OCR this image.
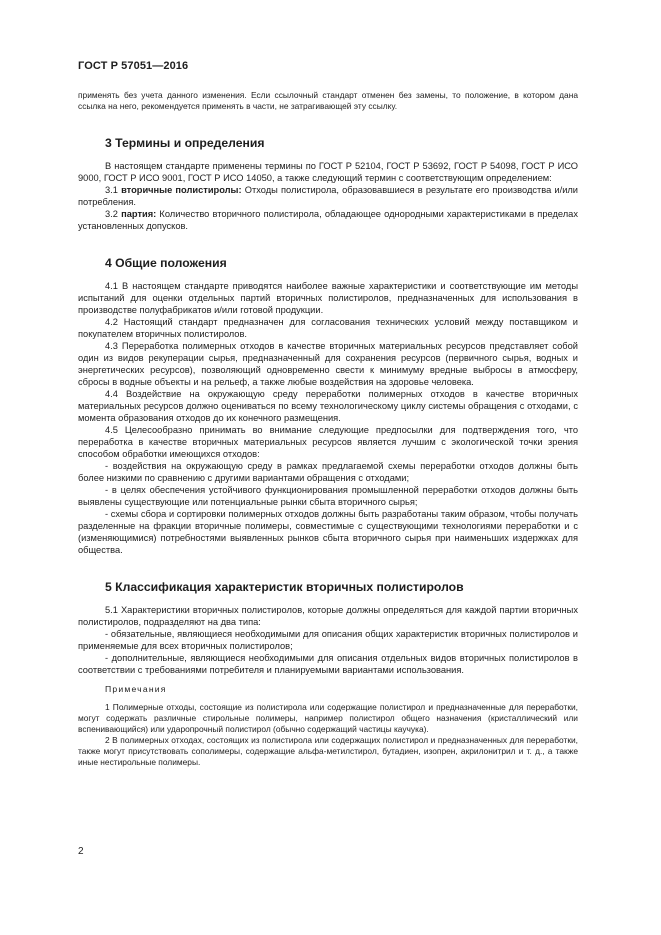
ГОСТ Р 57051—2016

применять без учета данного изменения. Если ссылочный стандарт отменен без замены, то положение, в котором дана ссылка на него, рекомендуется применять в части, не затрагивающей эту ссылку.

3 Термины и определения

В настоящем стандарте применены термины по ГОСТ Р 52104, ГОСТ Р 53692, ГОСТ Р 54098, ГОСТ Р ИСО 9000, ГОСТ Р ИСО 9001, ГОСТ Р ИСО 14050, а также следующий термин с соответствующим определением:

3.1 вторичные полистиролы: Отходы полистирола, образовавшиеся в результате его производства и/или потребления.

3.2 партия: Количество вторичного полистирола, обладающее однородными характеристиками в пределах установленных допусков.

4 Общие положения

4.1 В настоящем стандарте приводятся наиболее важные характеристики и соответствующие им методы испытаний для оценки отдельных партий вторичных полистиролов, предназначенных для использования в производстве полуфабрикатов и/или готовой продукции.

4.2 Настоящий стандарт предназначен для согласования технических условий между поставщиком и покупателем вторичных полистиролов.

4.3 Переработка полимерных отходов в качестве вторичных материальных ресурсов представляет собой один из видов рекуперации сырья, предназначенный для сохранения ресурсов (первичного сырья, водных и энергетических ресурсов), позволяющий одновременно свести к минимуму вредные выбросы в атмосферу, сбросы в водные объекты и на рельеф, а также любые воздействия на здоровье человека.

4.4 Воздействие на окружающую среду переработки полимерных отходов в качестве вторичных материальных ресурсов должно оцениваться по всему технологическому циклу системы обращения с отходами, с момента образования отходов до их конечного размещения.

4.5 Целесообразно принимать во внимание следующие предпосылки для подтверждения того, что переработка в качестве вторичных материальных ресурсов является лучшим с экологической точки зрения способом обработки имеющихся отходов:

- воздействия на окружающую среду в рамках предлагаемой схемы переработки отходов должны быть более низкими по сравнению с другими вариантами обращения с отходами;

- в целях обеспечения устойчивого функционирования промышленной переработки отходов должны быть выявлены существующие или потенциальные рынки сбыта вторичного сырья;

- схемы сбора и сортировки полимерных отходов должны быть разработаны таким образом, чтобы получать разделенные на фракции вторичные полимеры, совместимые с существующими технологиями переработки и с (изменяющимися) потребностями выявленных рынков сбыта вторичного сырья при наименьших издержках для общества.

5 Классификация характеристик вторичных полистиролов

5.1 Характеристики вторичных полистиролов, которые должны определяться для каждой партии вторичных полистиролов, подразделяют на два типа:

- обязательные, являющиеся необходимыми для описания общих характеристик вторичных полистиролов и применяемые для всех вторичных полистиролов;

- дополнительные, являющиеся необходимыми для описания отдельных видов вторичных полистиролов в соответствии с требованиями потребителя и планируемыми вариантами использования.

Примечания

1 Полимерные отходы, состоящие из полистирола или содержащие полистирол и предназначенные для переработки, могут содержать различные стирольные полимеры, например полистирол общего назначения (кристаллический или вспенивающийся) или ударопрочный полистирол (обычно содержащий частицы каучука).

2 В полимерных отходах, состоящих из полистирола или содержащих полистирол и предназначенных для переработки, также могут присутствовать сополимеры, содержащие альфа-метилстирол, бутадиен, изопрен, акрилонитрил и т. д., а также иные нестирольные полимеры.

2
